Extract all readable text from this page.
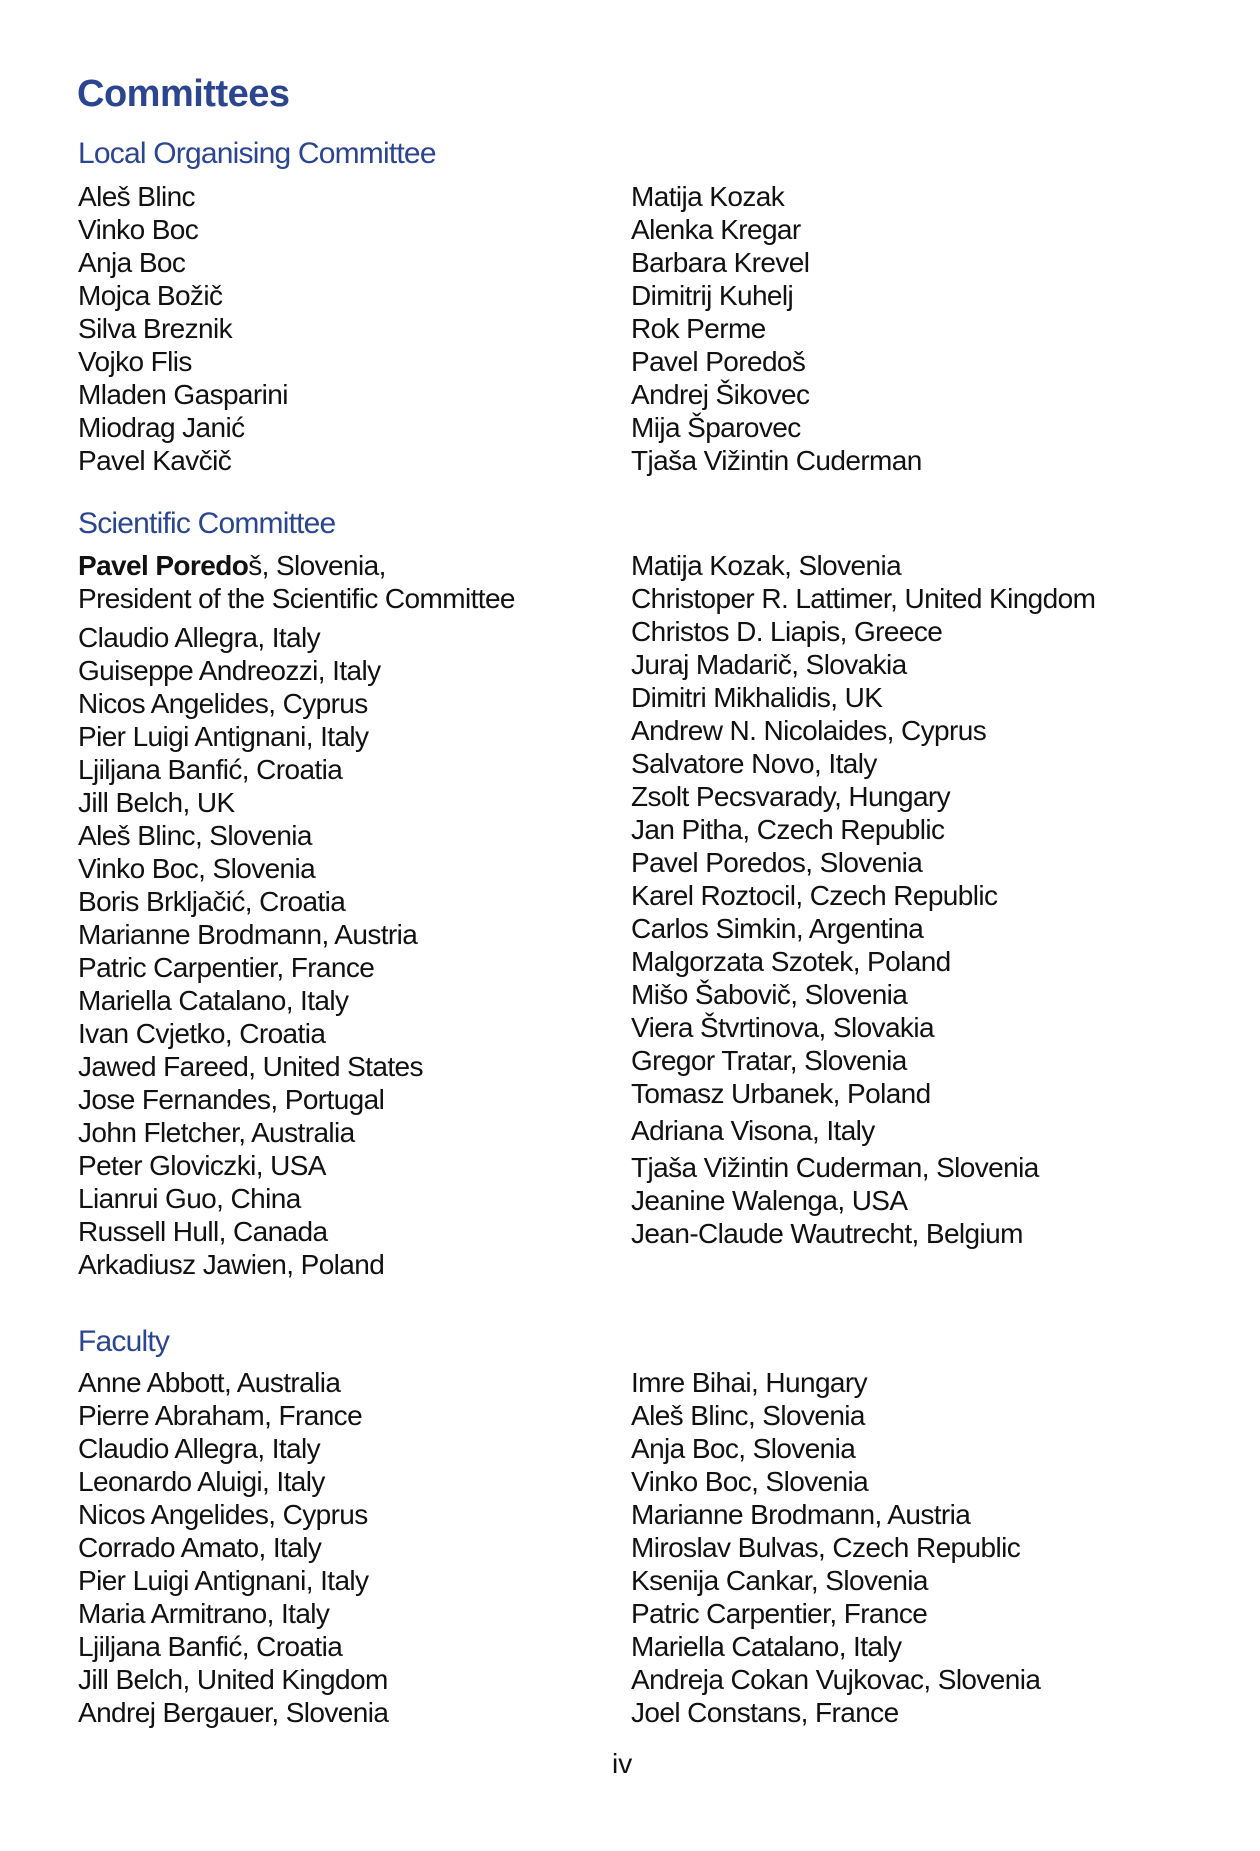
Committees
Local Organising Committee
Aleš Blinc
Vinko Boc
Anja Boc
Mojca Božič
Silva Breznik
Vojko Flis
Mladen Gasparini
Miodrag Janić
Pavel Kavčič
Matija Kozak
Alenka Kregar
Barbara Krevel
Dimitrij Kuhelj
Rok Perme
Pavel Poredoš
Andrej Šikovec
Mija Šparovec
Tjaša Vižintin Cuderman
Scientific Committee
Pavel Poredoš, Slovenia,
President of the Scientific Committee
Claudio Allegra, Italy
Guiseppe Andreozzi, Italy
Nicos Angelides, Cyprus
Pier Luigi Antignani, Italy
Ljiljana Banfić, Croatia
Jill Belch, UK
Aleš Blinc, Slovenia
Vinko Boc, Slovenia
Boris Brkljačić, Croatia
Marianne Brodmann, Austria
Patric Carpentier, France
Mariella Catalano, Italy
Ivan Cvjetko, Croatia
Jawed Fareed, United States
Jose Fernandes, Portugal
John Fletcher, Australia
Peter Gloviczki, USA
Lianrui Guo, China
Russell Hull, Canada
Arkadiusz Jawien, Poland
Matija Kozak, Slovenia
Christoper R. Lattimer, United Kingdom
Christos D. Liapis, Greece
Juraj Madarič, Slovakia
Dimitri Mikhalidis, UK
Andrew N. Nicolaides, Cyprus
Salvatore Novo, Italy
Zsolt Pecsvarady, Hungary
Jan Pitha, Czech Republic
Pavel Poredos, Slovenia
Karel Roztocil, Czech Republic
Carlos Simkin, Argentina
Malgorzata Szotek, Poland
Mišo Šabovič, Slovenia
Viera Štvrtinova, Slovakia
Gregor Tratar, Slovenia
Tomasz Urbanek, Poland
Adriana Visona, Italy
Tjaša Vižintin Cuderman, Slovenia
Jeanine Walenga, USA
Jean-Claude Wautrecht, Belgium
Faculty
Anne Abbott, Australia
Pierre Abraham, France
Claudio Allegra, Italy
Leonardo Aluigi, Italy
Nicos Angelides, Cyprus
Corrado Amato, Italy
Pier Luigi Antignani, Italy
Maria Armitrano, Italy
Ljiljana Banfić, Croatia
Jill Belch, United Kingdom
Andrej Bergauer, Slovenia
Imre Bihai, Hungary
Aleš Blinc, Slovenia
Anja Boc, Slovenia
Vinko Boc, Slovenia
Marianne Brodmann, Austria
Miroslav Bulvas, Czech Republic
Ksenija Cankar, Slovenia
Patric Carpentier, France
Mariella Catalano, Italy
Andreja Cokan Vujkovac, Slovenia
Joel Constans, France
iv
